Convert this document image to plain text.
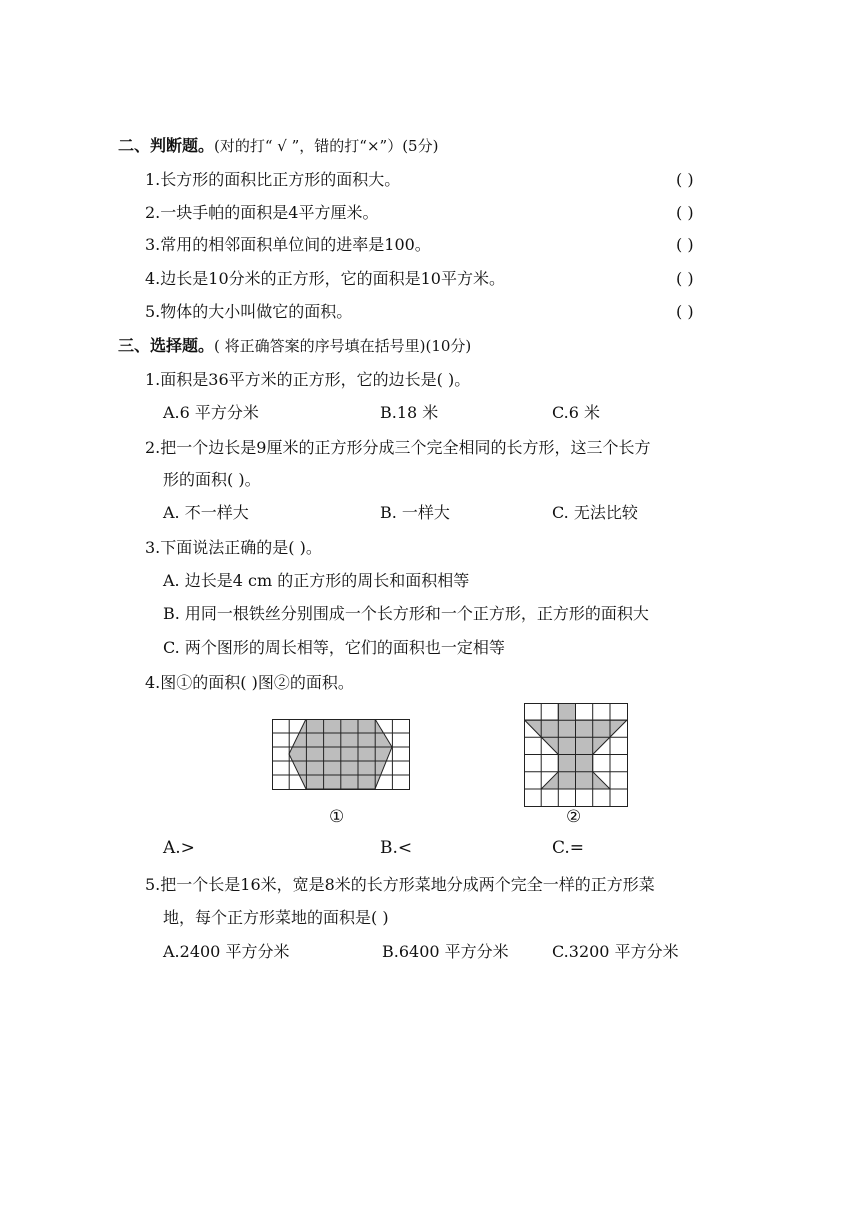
二、判断题。(对的打“ √ ”，错的打“×”）(5分)
1.长方形的面积比正方形的面积大。	( )
2.一块手帕的面积是4平方厘米。	( )
3.常用的相邻面积单位间的进率是100。	( )
4.边长是10分米的正方形，它的面积是10平方米。	( )
5.物体的大小叫做它的面积。	( )
三、选择题。( 将正确答案的序号填在括号里)(10分)
1.面积是36平方米的正方形，它的边长是( )。
A.6 平方分米	B.18 米	C.6 米
2.把一个边长是9厘米的正方形分成三个完全相同的长方形，这三个长方
形的面积( )。
A. 不一样大	B. 一样大	C. 无法比较
3.下面说法正确的是( )。
A. 边长是4 cm 的正方形的周长和面积相等
B. 用同一根铁丝分别围成一个长方形和一个正方形，正方形的面积大
C. 两个图形的周长相等，它们的面积也一定相等
4.图①的面积( )图②的面积。
①	②
A.>	B.<	C.=
5.把一个长是16米，宽是8米的长方形菜地分成两个完全一样的正方形菜
地，每个正方形菜地的面积是( )
A.2400 平方分米	B.6400 平方分米	C.3200 平方分米
